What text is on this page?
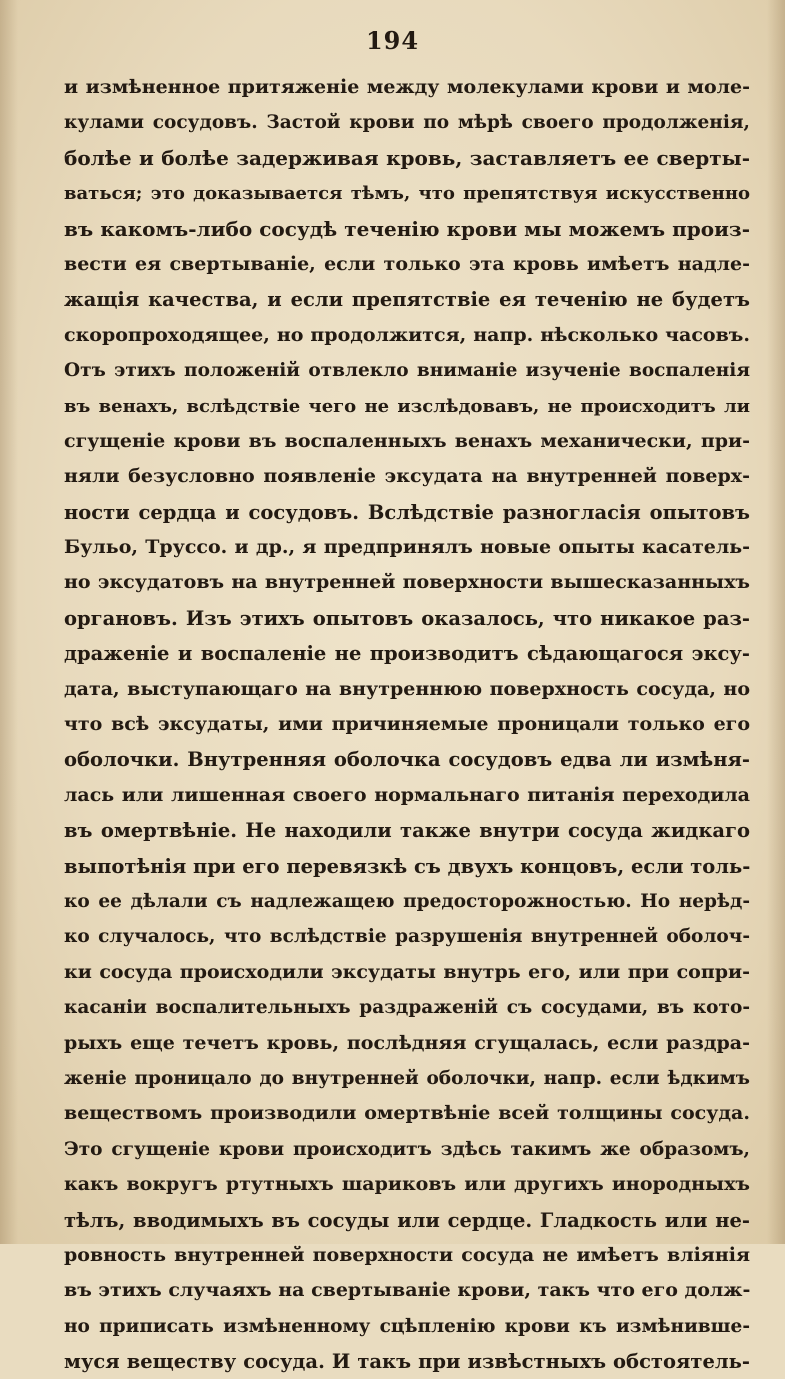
194
и измѣненное притяженіе между молекулами крови и моле-
кулами сосудовъ. Застой крови по мѣрѣ своего продолженія,
болѣе и болѣе задерживая кровь, заставляетъ ее сверты-
ваться; это доказывается тѣмъ, что препятствуя искусственно
въ какомъ-либо сосудѣ теченію крови мы можемъ произ-
вести ея свертываніе, если только эта кровь имѣетъ надле-
жащія качества, и если препятствіе ея теченію не будетъ
скоропроходящее, но продолжится, напр. нѣсколько часовъ.
Отъ этихъ положеній отвлекло вниманіе изученіе воспаленія
въ венахъ, вслѣдствіе чего не изслѣдовавъ, не происходитъ ли
сгущеніе крови въ воспаленныхъ венахъ механически, при-
няли безусловно появленіе эксудата на внутренней поверх-
ности сердца и сосудовъ. Вслѣдствіе разногласія опытовъ
Бульо, Труссо. и др., я предпринялъ новые опыты касатель-
но эксудатовъ на внутренней поверхности вышесказанныхъ
органовъ. Изъ этихъ опытовъ оказалось, что никакое раз-
драженіе и воспаленіе не производитъ сѣдающагося эксу-
дата, выступающаго на внутреннюю поверхность сосуда, но
что всѣ эксудаты, ими причиняемые проницали только его
оболочки. Внутренняя оболочка сосудовъ едва ли измѣня-
лась или лишенная своего нормальнаго питанія переходила
въ омертвѣніе. Не находили также внутри сосуда жидкаго
выпотѣнія при его перевязкѣ съ двухъ концовъ, если толь-
ко ее дѣлали съ надлежащею предосторожностью. Но нерѣд-
ко случалось, что вслѣдствіе разрушенія внутренней оболоч-
ки сосуда происходили эксудаты внутрь его, или при сопри-
касаніи воспалительныхъ раздраженій съ сосудами, въ кото-
рыхъ еще течетъ кровь, послѣдняя сгущалась, если раздра-
женіе проницало до внутренней оболочки, напр. если ѣдкимъ
веществомъ производили омертвѣніе всей толщины сосуда.
Это сгущеніе крови происходитъ здѣсь такимъ же образомъ,
какъ вокругъ ртутныхъ шариковъ или другихъ инородныхъ
тѣлъ, вводимыхъ въ сосуды или сердце. Гладкость или не-
ровность внутренней поверхности сосуда не имѣетъ вліянія
въ этихъ случаяхъ на свертываніе крови, такъ что его долж-
но приписать измѣненному сцѣпленію крови къ измѣнивше-
муся веществу сосуда. И такъ при извѣстныхъ обстоятель-
